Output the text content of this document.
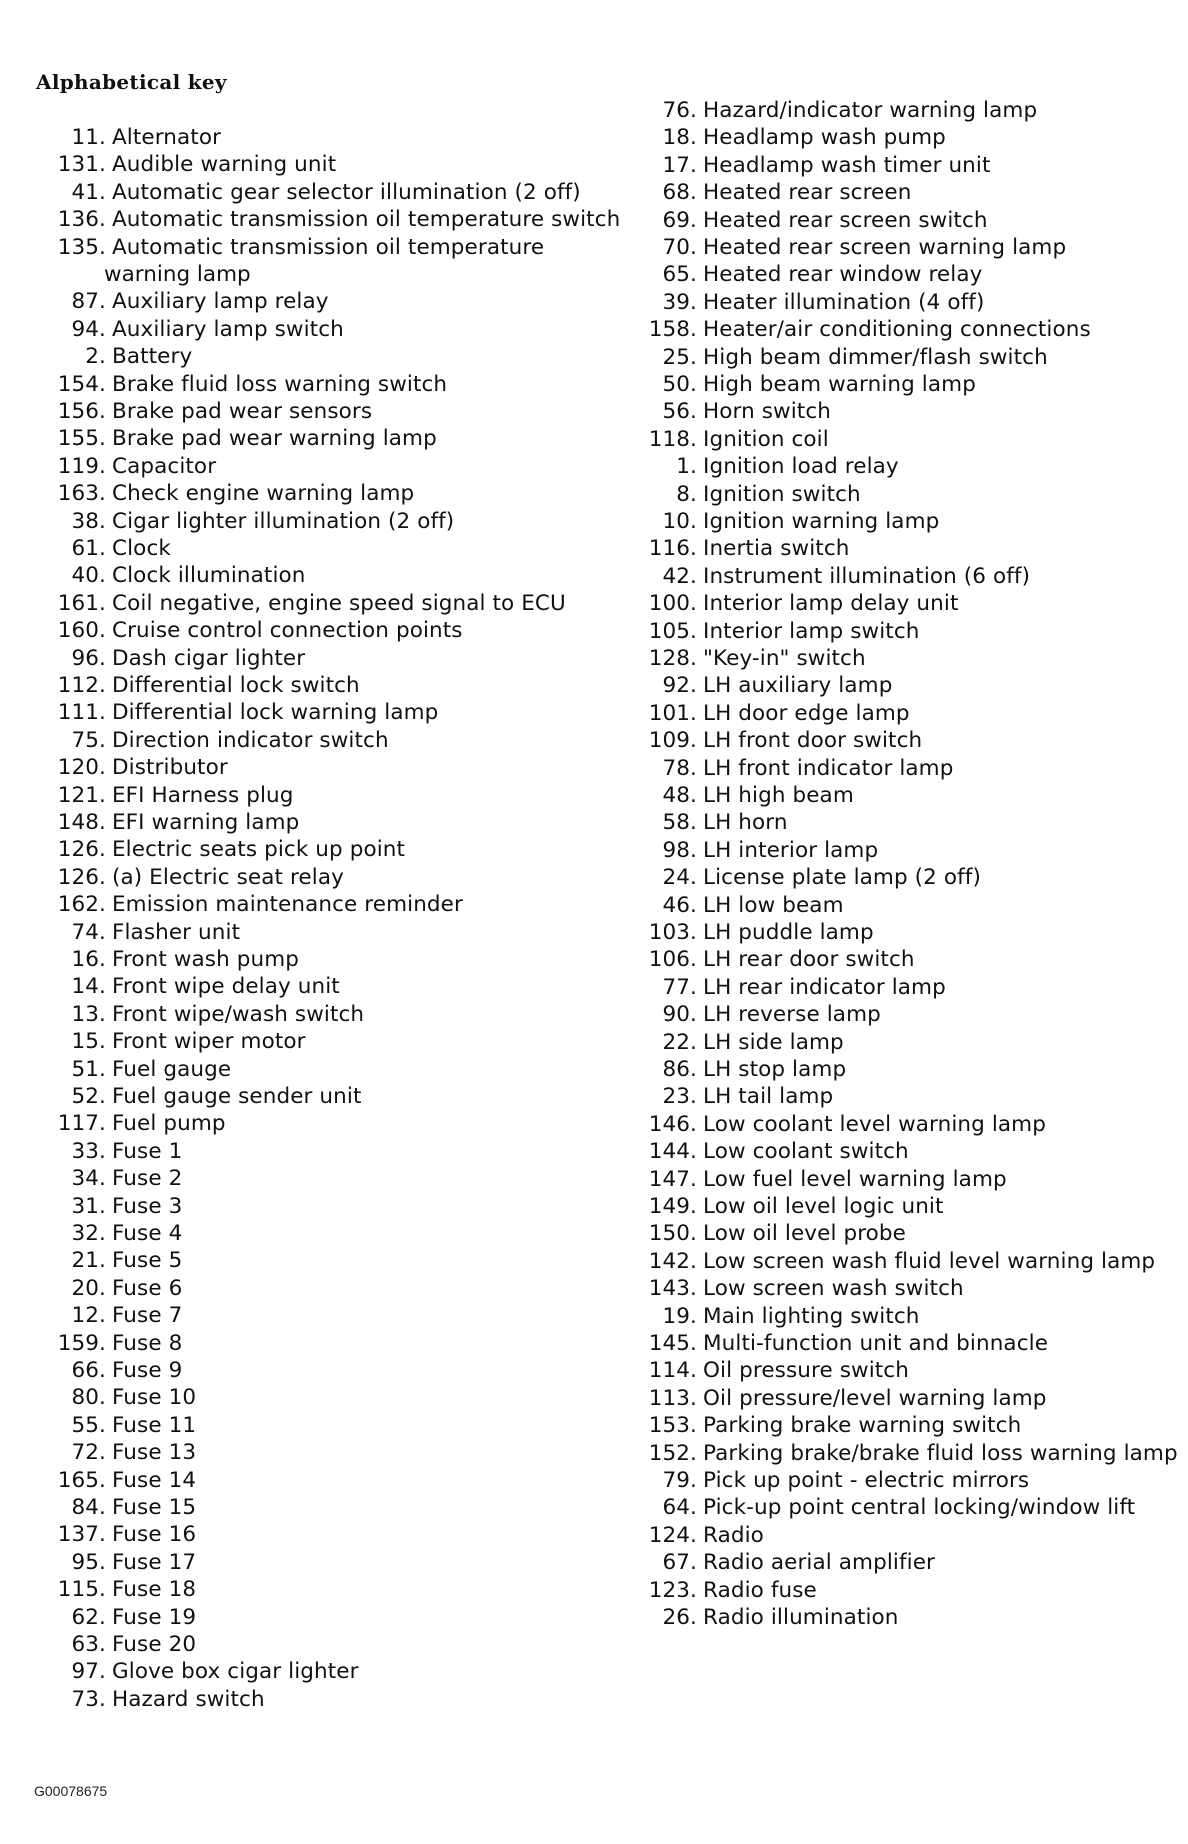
Alphabetical key
11. Alternator
131. Audible warning unit
41. Automatic gear selector illumination (2 off)
136. Automatic transmission oil temperature switch
135. Automatic transmission oil temperature
warning lamp
87. Auxiliary lamp relay
94. Auxiliary lamp switch
2. Battery
154. Brake fluid loss warning switch
156. Brake pad wear sensors
155. Brake pad wear warning lamp
119. Capacitor
163. Check engine warning lamp
38. Cigar lighter illumination (2 off)
61. Clock
40. Clock illumination
161. Coil negative, engine speed signal to ECU
160. Cruise control connection points
96. Dash cigar lighter
112. Differential lock switch
111. Differential lock warning lamp
75. Direction indicator switch
120. Distributor
121. EFI Harness plug
148. EFI warning lamp
126. Electric seats pick up point
126. (a) Electric seat relay
162. Emission maintenance reminder
74. Flasher unit
16. Front wash pump
14. Front wipe delay unit
13. Front wipe/wash switch
15. Front wiper motor
51. Fuel gauge
52. Fuel gauge sender unit
117. Fuel pump
33. Fuse 1
34. Fuse 2
31. Fuse 3
32. Fuse 4
21. Fuse 5
20. Fuse 6
12. Fuse 7
159. Fuse 8
66. Fuse 9
80. Fuse 10
55. Fuse 11
72. Fuse 13
165. Fuse 14
84. Fuse 15
137. Fuse 16
95. Fuse 17
115. Fuse 18
62. Fuse 19
63. Fuse 20
97. Glove box cigar lighter
73. Hazard switch
76. Hazard/indicator warning lamp
18. Headlamp wash pump
17. Headlamp wash timer unit
68. Heated rear screen
69. Heated rear screen switch
70. Heated rear screen warning lamp
65. Heated rear window relay
39. Heater illumination (4 off)
158. Heater/air conditioning connections
25. High beam dimmer/flash switch
50. High beam warning lamp
56. Horn switch
118. Ignition coil
1. Ignition load relay
8. Ignition switch
10. Ignition warning lamp
116. Inertia switch
42. Instrument illumination (6 off)
100. Interior lamp delay unit
105. Interior lamp switch
128. "Key-in" switch
92. LH auxiliary lamp
101. LH door edge lamp
109. LH front door switch
78. LH front indicator lamp
48. LH high beam
58. LH horn
98. LH interior lamp
24. License plate lamp (2 off)
46. LH low beam
103. LH puddle lamp
106. LH rear door switch
77. LH rear indicator lamp
90. LH reverse lamp
22. LH side lamp
86. LH stop lamp
23. LH tail lamp
146. Low coolant level warning lamp
144. Low coolant switch
147. Low fuel level warning lamp
149. Low oil level logic unit
150. Low oil level probe
142. Low screen wash fluid level warning lamp
143. Low screen wash switch
19. Main lighting switch
145. Multi-function unit and binnacle
114. Oil pressure switch
113. Oil pressure/level warning lamp
153. Parking brake warning switch
152. Parking brake/brake fluid loss warning lamp
79. Pick up point - electric mirrors
64. Pick-up point central locking/window lift
124. Radio
67. Radio aerial amplifier
123. Radio fuse
26. Radio illumination
G00078675
